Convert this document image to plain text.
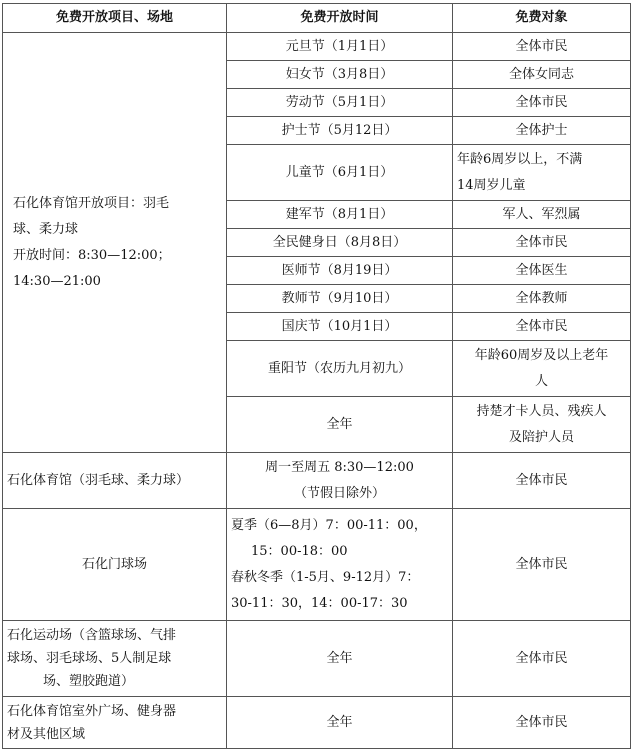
免费开放项目、场地	免费开放时间	免费对象

石化体育馆开放项目：羽毛
球、柔力球
开放时间：8:30—12:00；
14:30—21:00	元旦节（1月1日）	全体市民
	妇女节（3月8日）	全体女同志
	劳动节（5月1日）	全体市民
	护士节（5月12日）	全体护士
	儿童节（6月1日）	年龄6周岁以上，不满
14周岁儿童

	建军节（8月1日）	军人、军烈属
	全民健身日（8月8日）	全体市民
	医师节（8月19日）	全体医生
	教师节（9月10日）	全体教师
	国庆节（10月1日）	全体市民
	重阳节（农历九月初九）	年龄60周岁及以上老年
人

	全年	持楚才卡人员、残疾人
及陪护人员

石化体育馆（羽毛球、柔力球）	周一至周五 8:30—12:00
（节假日除外）	全体市民
石化门球场	夏季（6—8月）7：00-11：00，
15：00-18：00
春秋冬季（1-5月、9-12月）7：
30-11：30，14：00-17：30	全体市民

石化运动场（含篮球场、气排
球场、羽毛球场、5人制足球
场、塑胶跑道）	全年	全体市民

石化体育馆室外广场、健身器
材及其他区域	全年	全体市民
